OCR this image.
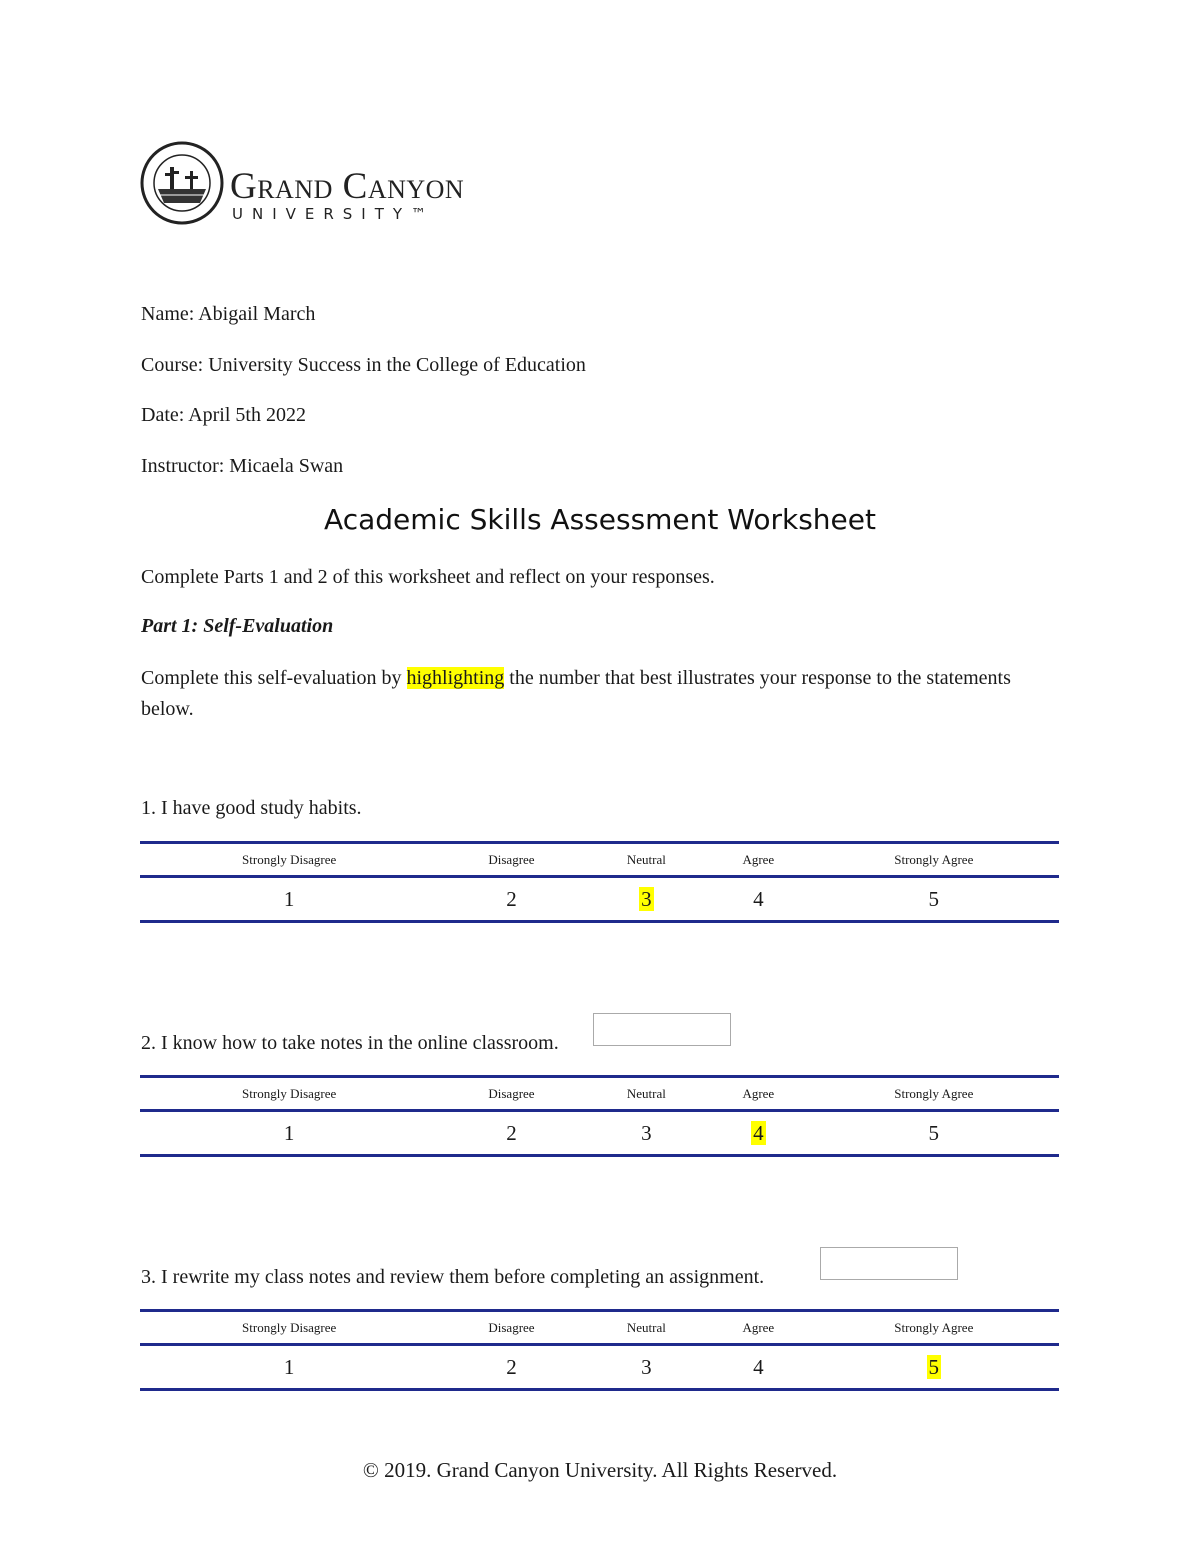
Grand Canyon
UNIVERSITY™
Name: Abigail March
Course: University Success in the College of Education
Date: April 5th 2022
Instructor: Micaela Swan
Academic Skills Assessment Worksheet
Complete Parts 1 and 2 of this worksheet and reflect on your responses.
Part 1: Self-Evaluation
Complete this self-evaluation by highlighting the number that best illustrates your response to the statements below.
1. I have good study habits.
Strongly Disagree	Disagree	Neutral	Agree	Strongly Agree
1	2	3	4	5
2. I know how to take notes in the online classroom.
Strongly Disagree	Disagree	Neutral	Agree	Strongly Agree
1	2	3	4	5
3. I rewrite my class notes and review them before completing an assignment.
Strongly Disagree	Disagree	Neutral	Agree	Strongly Agree
1	2	3	4	5
© 2019. Grand Canyon University. All Rights Reserved.
